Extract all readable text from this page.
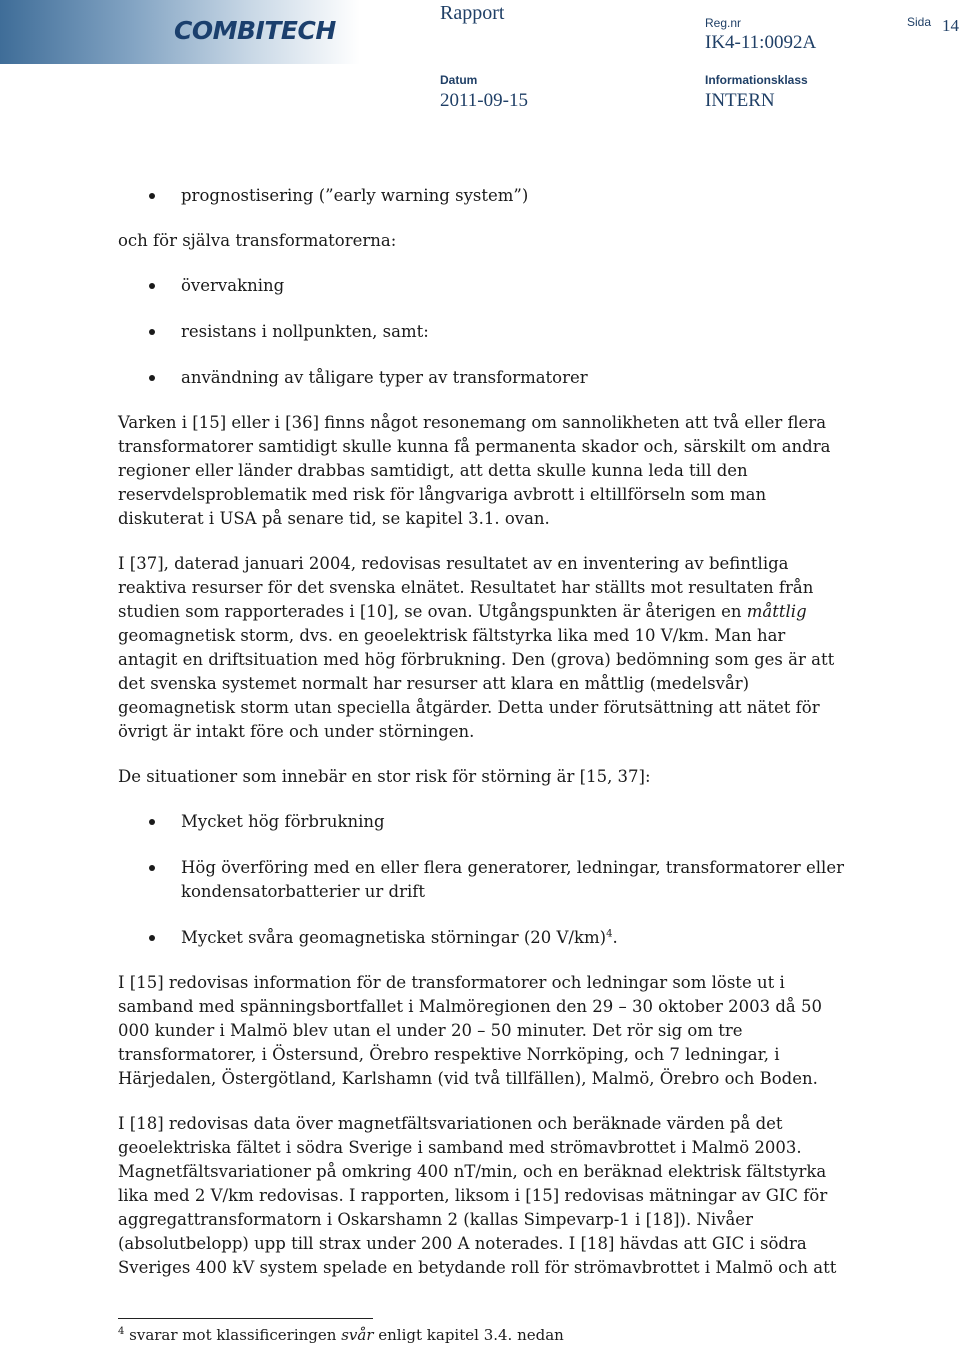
COMBITECH
Rapport	Reg.nr
IK4-11:0092A
Sida 14
Datum
2011-09-15
Informationsklass
INTERN
prognostisering (”early warning system”)

och för själva transformatorerna:

övervakning
resistans i nollpunkten, samt:
användning av tåligare typer av transformatorer

Varken i [15] eller i [36] finns något resonemang om sannolikheten att två eller flera transformatorer samtidigt skulle kunna få permanenta skador och, särskilt om andra regioner eller länder drabbas samtidigt, att detta skulle kunna leda till den reservdelsproblematik med risk för långvariga avbrott i eltillförseln som man diskuterat i USA på senare tid, se kapitel 3.1. ovan.

I [37], daterad januari 2004, redovisas resultatet av en inventering av befintliga reaktiva resurser för det svenska elnätet. Resultatet har ställts mot resultaten från studien som rapporterades i [10], se ovan. Utgångspunkten är återigen en måttlig geomagnetisk storm, dvs. en geoelektrisk fältstyrka lika med 10 V/km. Man har antagit en driftsituation med hög förbrukning. Den (grova) bedömning som ges är att det svenska systemet normalt har resurser att klara en måttlig (medelsvår) geomagnetisk storm utan speciella åtgärder. Detta under förutsättning att nätet för övrigt är intakt före och under störningen.

De situationer som innebär en stor risk för störning är [15, 37]:

Mycket hög förbrukning
Hög överföring med en eller flera generatorer, ledningar, transformatorer eller kondensatorbatterier ur drift
Mycket svåra geomagnetiska störningar (20 V/km)$^4$.

I [15] redovisas information för de transformatorer och ledningar som löste ut i samband med spänningsbortfallet i Malmöregionen den 29 – 30 oktober 2003 då 50 000 kunder i Malmö blev utan el under 20 – 50 minuter. Det rör sig om tre transformatorer, i Östersund, Örebro respektive Norrköping, och 7 ledningar, i Härjedalen, Östergötland, Karlshamn (vid två tillfällen), Malmö, Örebro och Boden.

I [18] redovisas data över magnetfältsvariationen och beräknade värden på det geoelektriska fältet i södra Sverige i samband med strömavbrottet i Malmö 2003. Magnetfältsvariationer på omkring 400 nT/min, och en beräknad elektrisk fältstyrka lika med 2 V/km redovisas. I rapporten, liksom i [15] redovisas mätningar av GIC för aggregattransformatorn i Oskarshamn 2 (kallas Simpevarp-1 i [18]). Nivåer (absolutbelopp) upp till strax under 200 A noterades. I [18] hävdas att GIC i södra Sveriges 400 kV system spelade en betydande roll för strömavbrottet i Malmö och att

$^4$ svarar mot klassificeringen svår enligt kapitel 3.4. nedan
